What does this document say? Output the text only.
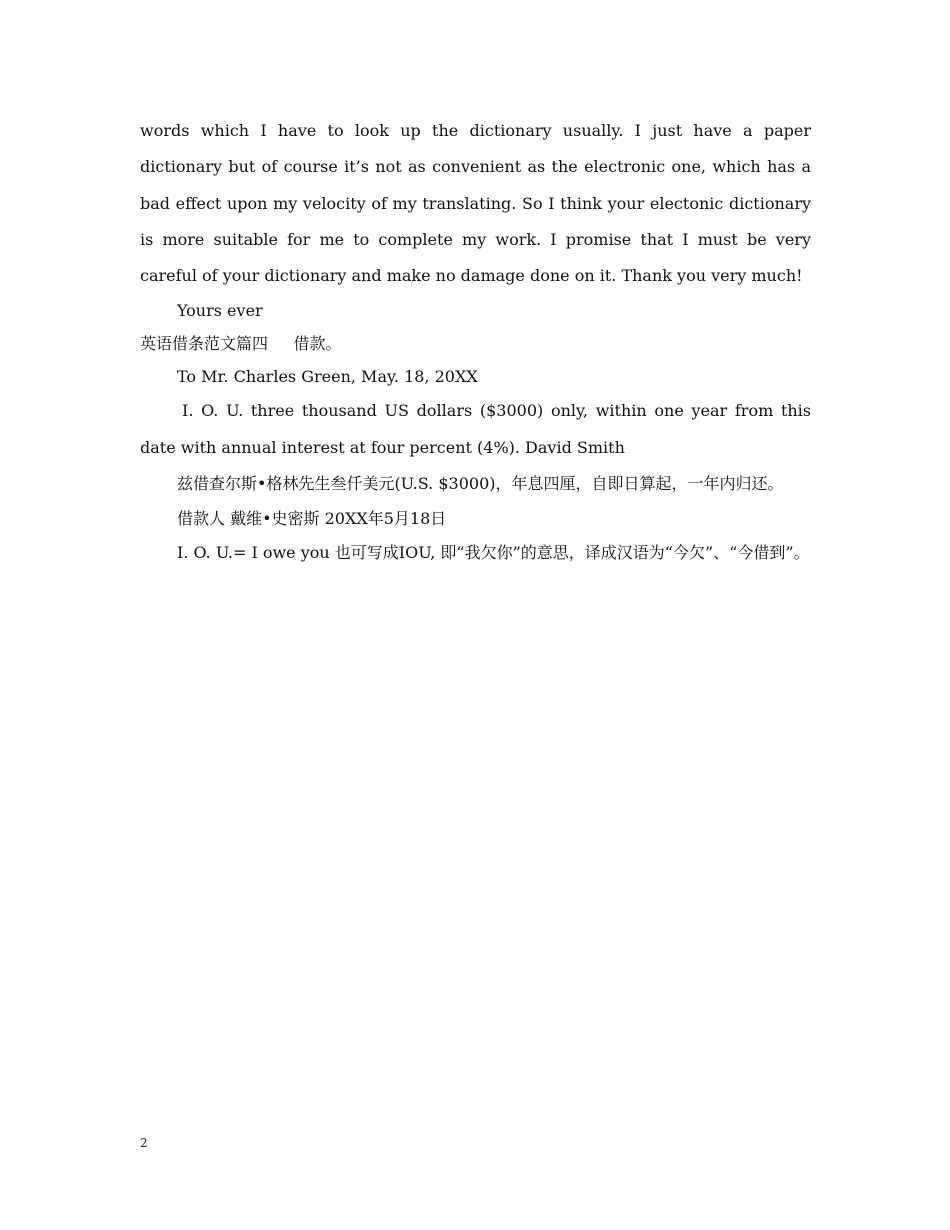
words which I have to look up the dictionary usually. I just have a paper dictionary but of course it’s not as convenient as the electronic one, which has a bad effect upon my velocity of my translating. So I think your electonic dictionary is more suitable for me to complete my work. I promise that I must be very careful of your dictionary and make no damage done on it. Thank you very much!

Yours ever

英语借条范文篇四 借款。

To Mr. Charles Green, May. 18, 20XX

I. O. U. three thousand US dollars ($3000) only, within one year from this date with annual interest at four percent (4%). David Smith

兹借查尔斯•格林先生叁仟美元(U.S. $3000)，年息四厘，自即日算起，一年内归还。

借款人 戴维•史密斯 20XX年5月18日

I. O. U.= I owe you 也可写成IOU, 即“我欠你”的意思，译成汉语为“今欠”、“今借到”。

2
